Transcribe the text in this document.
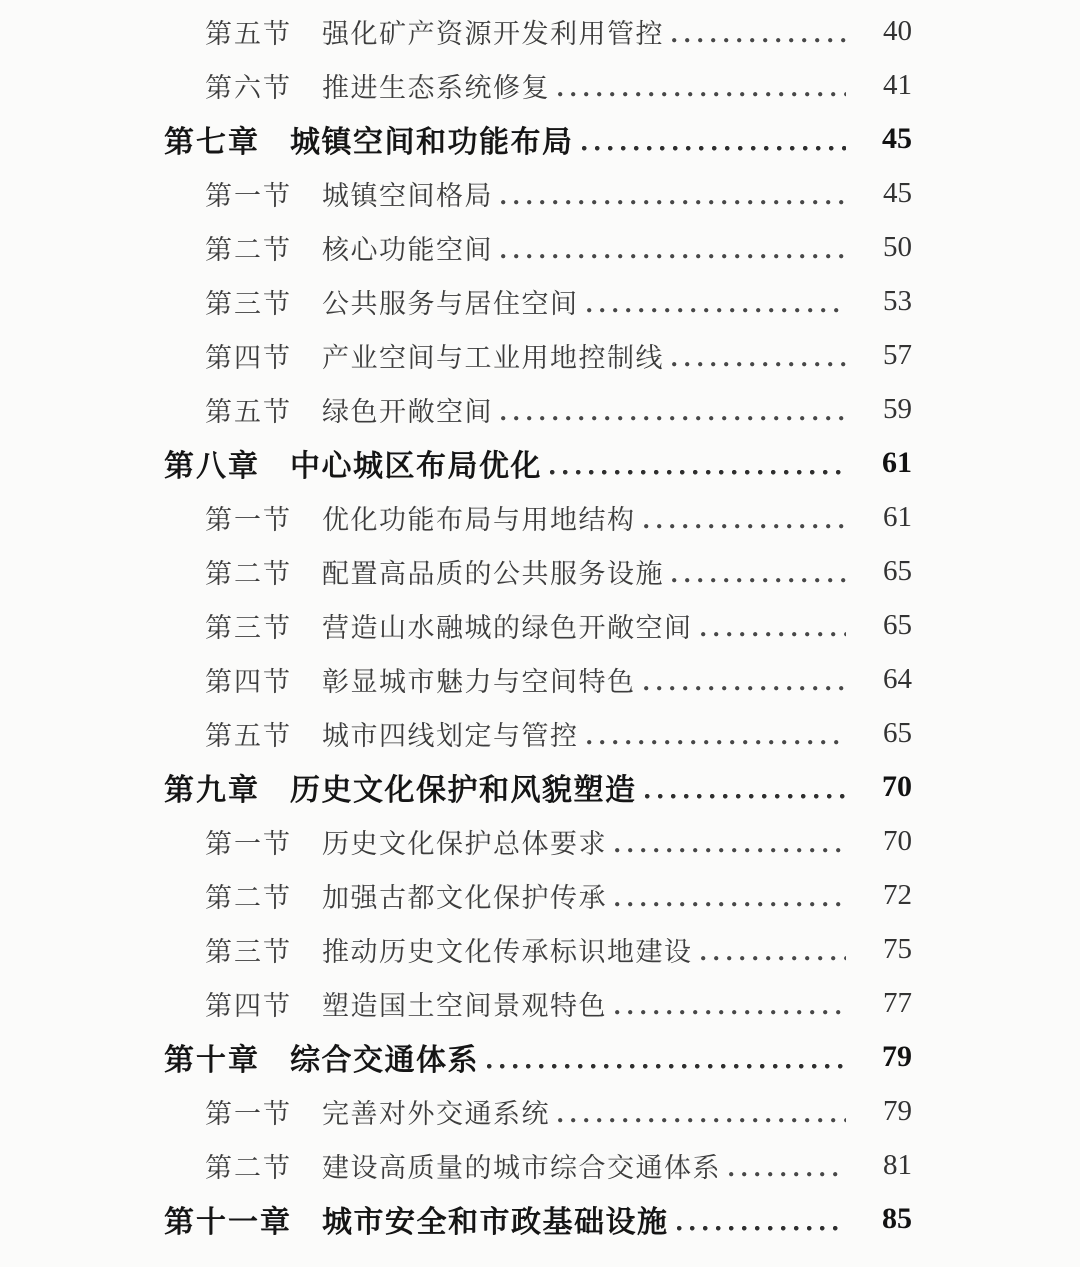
第五节 强化矿产资源开发利用管控	40
第六节 推进生态系统修复	41
第七章 城镇空间和功能布局	45
第一节 城镇空间格局	45
第二节 核心功能空间	50
第三节 公共服务与居住空间	53
第四节 产业空间与工业用地控制线	57
第五节 绿色开敞空间	59
第八章 中心城区布局优化	61
第一节 优化功能布局与用地结构	61
第二节 配置高品质的公共服务设施	65
第三节 营造山水融城的绿色开敞空间	65
第四节 彰显城市魅力与空间特色	64
第五节 城市四线划定与管控	65
第九章 历史文化保护和风貌塑造	70
第一节 历史文化保护总体要求	70
第二节 加强古都文化保护传承	72
第三节 推动历史文化传承标识地建设	75
第四节 塑造国土空间景观特色	77
第十章 综合交通体系	79
第一节 完善对外交通系统	79
第二节 建设高质量的城市综合交通体系	81
第十一章 城市安全和市政基础设施	85
